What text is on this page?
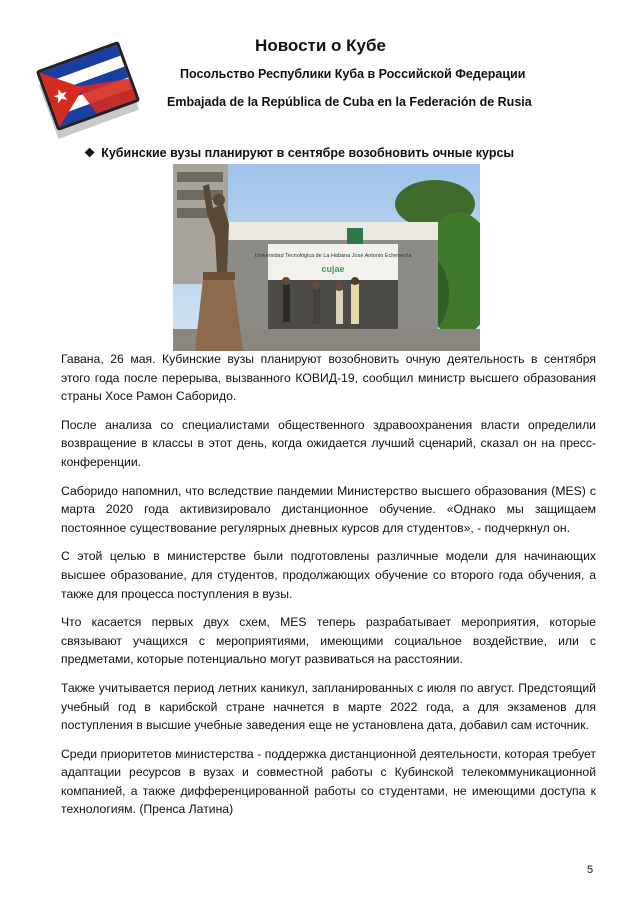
Новости о Кубе
Посольство Республики Куба в Российской Федерации
Embajada de la República de Cuba en la Federación de Rusia
❖ Кубинские вузы планируют в сентябре возобновить очные курсы
Universidad Tecnológica de La Habana José Antonio Echeverría
cujae

Гавана, 26 мая. Кубинские вузы планируют возобновить очную деятельность в сентября этого года после перерыва, вызванного КОВИД-19, сообщил министр высшего образования страны Хосе Рамон Саборидо.

После анализа со специалистами общественного здравоохранения власти определили возвращение в классы в этот день, когда ожидается лучший сценарий, сказал он на пресс-конференции.

Саборидо напомнил, что вследствие пандемии Министерство высшего образования (MES) с марта 2020 года активизировало дистанционное обучение. «Однако мы защищаем постоянное существование регулярных дневных курсов для студентов», - подчеркнул он.

С этой целью в министерстве были подготовлены различные модели для начинающих высшее образование, для студентов, продолжающих обучение со второго года обучения, а также для процесса поступления в вузы.

Что касается первых двух схем, MES теперь разрабатывает мероприятия, которые связывают учащихся с мероприятиями, имеющими социальное воздействие, или с предметами, которые потенциально могут развиваться на расстоянии.

Также учитывается период летних каникул, запланированных с июля по август. Предстоящий учебный год в карибской стране начнется в марте 2022 года, а для экзаменов для поступления в высшие учебные заведения еще не установлена дата, добавил сам источник.

Среди приоритетов министерства - поддержка дистанционной деятельности, которая требует адаптации ресурсов в вузах и совместной работы с Кубинской телекоммуникационной компанией, а также дифференцированной работы со студентами, не имеющими доступа к технологиям. (Пренса Латина)

5
